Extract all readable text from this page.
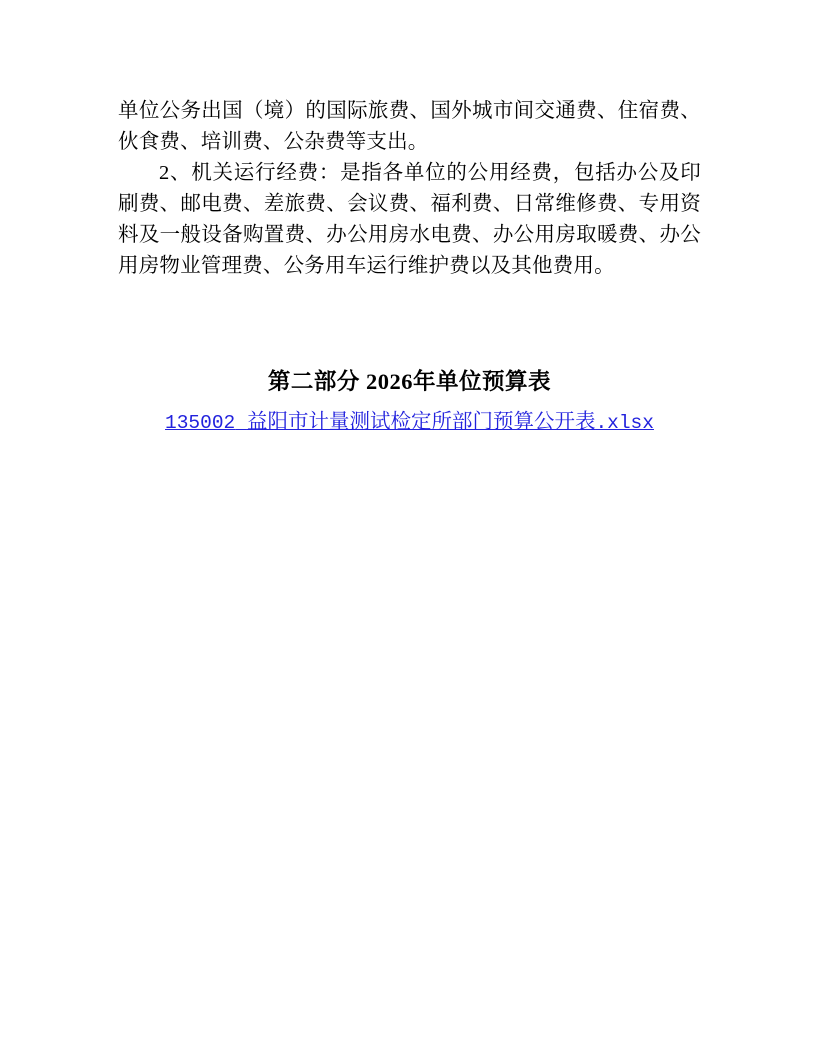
单位公务出国（境）的国际旅费、国外城市间交通费、住宿费、伙食费、培训费、公杂费等支出。

2、机关运行经费：是指各单位的公用经费，包括办公及印刷费、邮电费、差旅费、会议费、福利费、日常维修费、专用资料及一般设备购置费、办公用房水电费、办公用房取暖费、办公用房物业管理费、公务用车运行维护费以及其他费用。

第二部分 2026年单位预算表
135002 益阳市计量测试检定所部门预算公开表.xlsx
